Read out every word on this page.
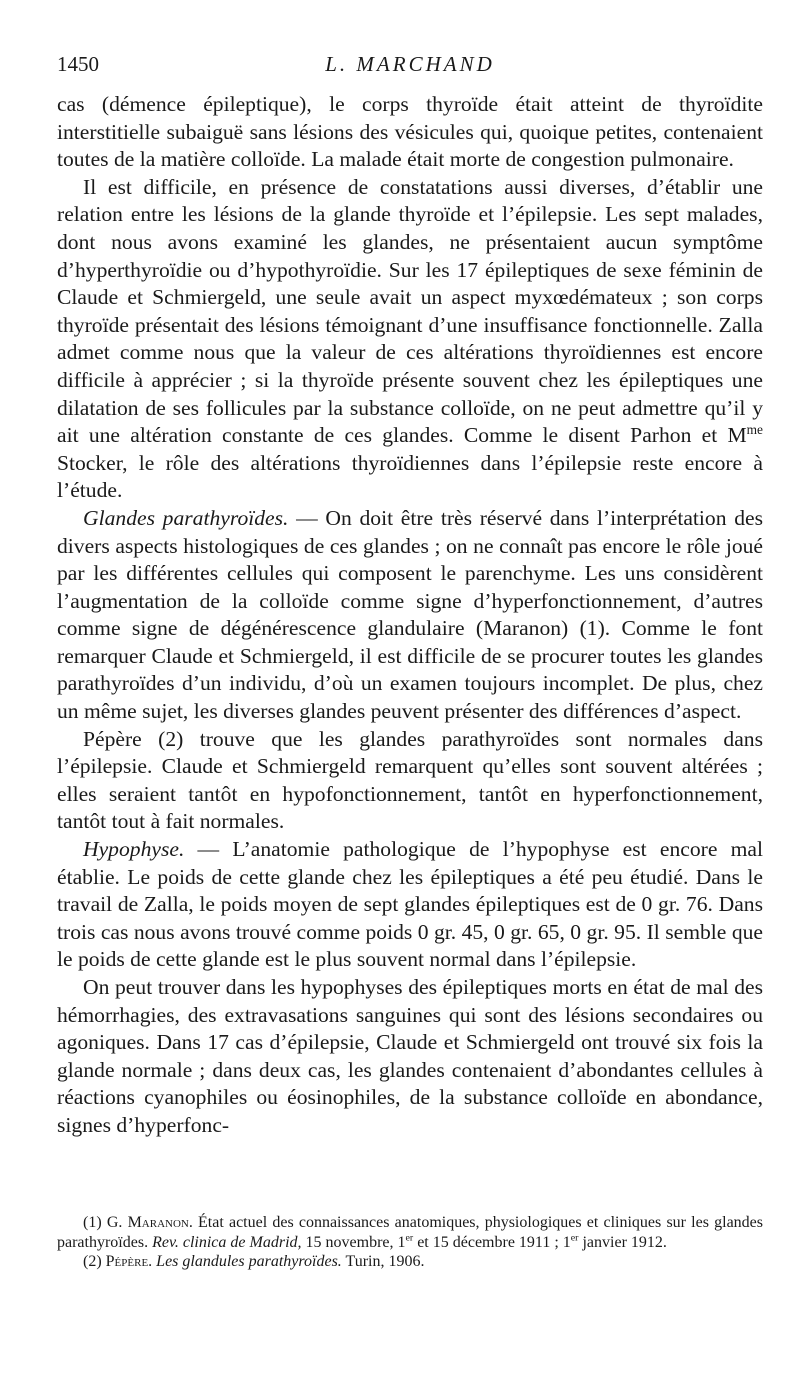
1450	L. MARCHAND

cas (démence épileptique), le corps thyroïde était atteint de thyroïdite interstitielle subaiguë sans lésions des vésicules qui, quoique petites, contenaient toutes de la matière colloïde. La malade était morte de congestion pulmonaire.

Il est difficile, en présence de constatations aussi diverses, d’établir une relation entre les lésions de la glande thyroïde et l’épilepsie. Les sept malades, dont nous avons examiné les glandes, ne présentaient aucun symptôme d’hyperthyroïdie ou d’hypothyroïdie. Sur les 17 épileptiques de sexe féminin de Claude et Schmiergeld, une seule avait un aspect myxœdémateux ; son corps thyroïde présentait des lésions témoignant d’une insuffisance fonctionnelle. Zalla admet comme nous que la valeur de ces altérations thyroïdiennes est encore difficile à apprécier ; si la thyroïde présente souvent chez les épileptiques une dilatation de ses follicules par la substance colloïde, on ne peut admettre qu’il y ait une altération constante de ces glandes. Comme le disent Parhon et $M^{me}$ Stocker, le rôle des altérations thyroïdiennes dans l’épilepsie reste encore à l’étude.

Glandes parathyroïdes. — On doit être très réservé dans l’interprétation des divers aspects histologiques de ces glandes ; on ne connaît pas encore le rôle joué par les différentes cellules qui composent le parenchyme. Les uns considèrent l’augmentation de la colloïde comme signe d’hyperfonctionnement, d’autres comme signe de dégénérescence glandulaire (Maranon) (1). Comme le font remarquer Claude et Schmiergeld, il est difficile de se procurer toutes les glandes parathyroïdes d’un individu, d’où un examen toujours incomplet. De plus, chez un même sujet, les diverses glandes peuvent présenter des différences d’aspect.

Pépère (2) trouve que les glandes parathyroïdes sont normales dans l’épilepsie. Claude et Schmiergeld remarquent qu’elles sont souvent altérées ; elles seraient tantôt en hypofonctionnement, tantôt en hyperfonctionnement, tantôt tout à fait normales.

Hypophyse. — L’anatomie pathologique de l’hypophyse est encore mal établie. Le poids de cette glande chez les épileptiques a été peu étudié. Dans le travail de Zalla, le poids moyen de sept glandes épileptiques est de 0 gr. 76. Dans trois cas nous avons trouvé comme poids 0 gr. 45, 0 gr. 65, 0 gr. 95. Il semble que le poids de cette glande est le plus souvent normal dans l’épilepsie.

On peut trouver dans les hypophyses des épileptiques morts en état de mal des hémorrhagies, des extravasations sanguines qui sont des lésions secondaires ou agoniques. Dans 17 cas d’épilepsie, Claude et Schmiergeld ont trouvé six fois la glande normale ; dans deux cas, les glandes contenaient d’abondantes cellules à réactions cyanophiles ou éosinophiles, de la substance colloïde en abondance, signes d’hyperfonc-

(1) G. Maranon. État actuel des connaissances anatomiques, physiologiques et cliniques sur les glandes parathyroïdes. Rev. clinica de Madrid, 15 novembre, 1er et 15 décembre 1911 ; 1er janvier 1912.

(2) Pépère. Les glandules parathyroïdes. Turin, 1906.
